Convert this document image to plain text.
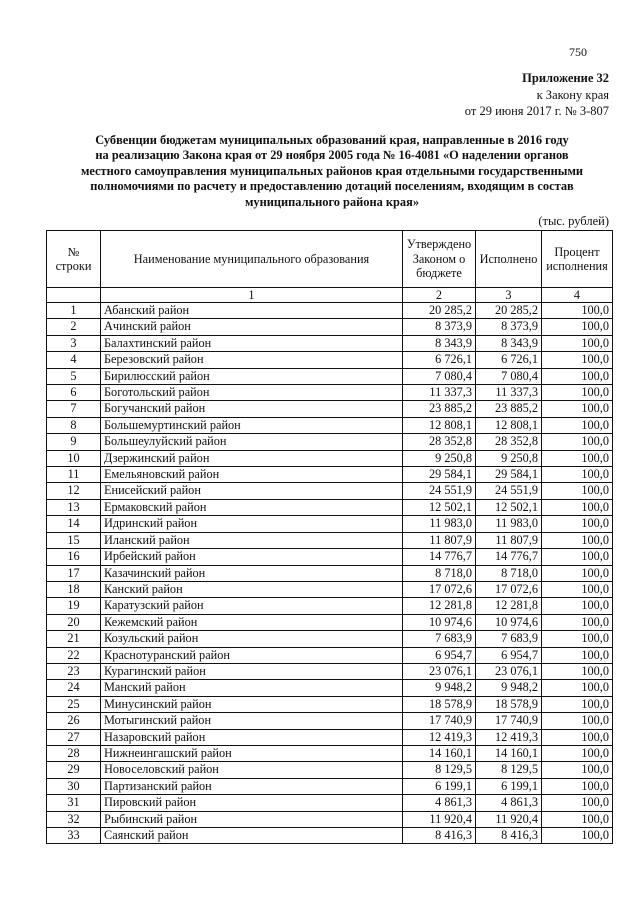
750
Приложение 32
к Закону края
от 29 июня 2017 г. № 3-807
Субвенции бюджетам муниципальных образований края, направленные в 2016 году
на реализацию Закона края от 29 ноября 2005 года № 16-4081 «О наделении органов
местного самоуправления муниципальных районов края отдельными государственными
полномочиями по расчету и предоставлению дотаций поселениям, входящим в состав
муниципального района края»
(тыс. рублей)
№ строки	Наименование муниципального образования	Утверждено Законом о бюджете	Исполнено	Процент исполнения
	1	2	3	4
1	Абанский район	20 285,2	20 285,2	100,0
2	Ачинский район	8 373,9	8 373,9	100,0
3	Балахтинский район	8 343,9	8 343,9	100,0
4	Березовский район	6 726,1	6 726,1	100,0
5	Бирилюсский район	7 080,4	7 080,4	100,0
6	Боготольский район	11 337,3	11 337,3	100,0
7	Богучанский район	23 885,2	23 885,2	100,0
8	Большемуртинский район	12 808,1	12 808,1	100,0
9	Большеулуйский район	28 352,8	28 352,8	100,0
10	Дзержинский район	9 250,8	9 250,8	100,0
11	Емельяновский район	29 584,1	29 584,1	100,0
12	Енисейский район	24 551,9	24 551,9	100,0
13	Ермаковский район	12 502,1	12 502,1	100,0
14	Идринский район	11 983,0	11 983,0	100,0
15	Иланский район	11 807,9	11 807,9	100,0
16	Ирбейский район	14 776,7	14 776,7	100,0
17	Казачинский район	8 718,0	8 718,0	100,0
18	Канский район	17 072,6	17 072,6	100,0
19	Каратузский район	12 281,8	12 281,8	100,0
20	Кежемский район	10 974,6	10 974,6	100,0
21	Козульский район	7 683,9	7 683,9	100,0
22	Краснотуранский район	6 954,7	6 954,7	100,0
23	Курагинский район	23 076,1	23 076,1	100,0
24	Манский район	9 948,2	9 948,2	100,0
25	Минусинский район	18 578,9	18 578,9	100,0
26	Мотыгинский район	17 740,9	17 740,9	100,0
27	Назаровский район	12 419,3	12 419,3	100,0
28	Нижнеингашский район	14 160,1	14 160,1	100,0
29	Новоселовский район	8 129,5	8 129,5	100,0
30	Партизанский район	6 199,1	6 199,1	100,0
31	Пировский район	4 861,3	4 861,3	100,0
32	Рыбинский район	11 920,4	11 920,4	100,0
33	Саянский район	8 416,3	8 416,3	100,0
